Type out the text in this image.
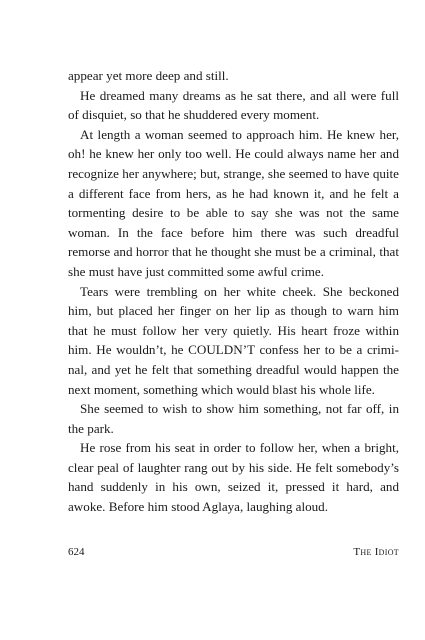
appear yet more deep and still.

He dreamed many dreams as he sat there, and all were full of disquiet, so that he shuddered every moment.

At length a woman seemed to approach him. He knew her, oh! he knew her only too well. He could always name her and recognize her anywhere; but, strange, she seemed to have quite a different face from hers, as he had known it, and he felt a tormenting desire to be able to say she was not the same woman. In the face before him there was such dreadful remorse and horror that he thought she must be a criminal, that she must have just committed some awful crime.

Tears were trembling on her white cheek. She beckoned him, but placed her finger on her lip as though to warn him that he must follow her very quietly. His heart froze within him. He wouldn’t, he COULDN’T confess her to be a criminal, and yet he felt that something dreadful would happen the next moment, something which would blast his whole life.

She seemed to wish to show him something, not far off, in the park.

He rose from his seat in order to follow her, when a bright, clear peal of laughter rang out by his side. He felt somebody’s hand suddenly in his own, seized it, pressed it hard, and awoke. Before him stood Aglaya, laughing aloud.

624	The Idiot
